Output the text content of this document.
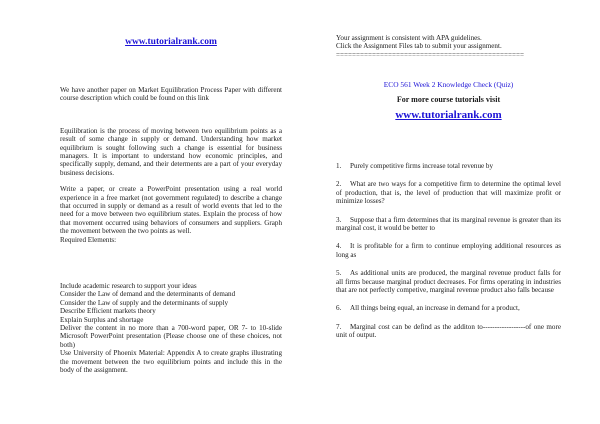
www.tutorialrank.com

We have another paper on Market Equilibration Process Paper with different course description which could be found on this link

Equilibration is the process of moving between two equilibrium points as a result of some change in supply or demand. Understanding how market equilibrium is sought following such a change is essential for business managers. It is important to understand how economic principles, and specifically supply, demand, and their determents are a part of your everyday business decisions.

Write a paper, or create a PowerPoint presentation using a real world experience in a free market (not government regulated) to describe a change that occurred in supply or demand as a result of world events that led to the need for a move between two equilibrium states. Explain the process of how that movement occurred using behaviors of consumers and suppliers. Graph the movement between the two points as well.

Required Elements:
Include academic research to support your ideas
Consider the Law of demand and the determinants of demand
Consider the Law of supply and the determinants of supply
Describe Efficient markets theory
Explain Surplus and shortage
Deliver the content in no more than a 700-word paper, OR 7- to 10-slide Microsoft PowerPoint presentation (Please choose one of these choices, not both)
Use University of Phoenix Material: Appendix A to create graphs illustrating the movement between the two equilibrium points and include this in the body of the assignment.
Your assignment is consistent with APA guidelines.
Click the Assignment Files tab to submit your assignment.
===============================================
ECO 561 Week 2 Knowledge Check (Quiz)
For more course tutorials visit
www.tutorialrank.com

1. Purely competitive firms increase total revenue by

2. What are two ways for a competitive firm to determine the optimal level of production, that is, the level of production that will maximize profit or minimize losses?

3. Suppose that a firm determines that its marginal revenue is greater than its marginal cost, it would be better to

4. It is profitable for a firm to continue employing additional resources as long as

5. As additional units are produced, the marginal revenue product falls for all firms because marginal product decreases. For firms operating in industries that are not perfectly competive, marginal revenue product also falls because

6. All things being equal, an increase in demand for a product,

7. Marginal cost can be defind as the additon to------------------of one more unit of output.
